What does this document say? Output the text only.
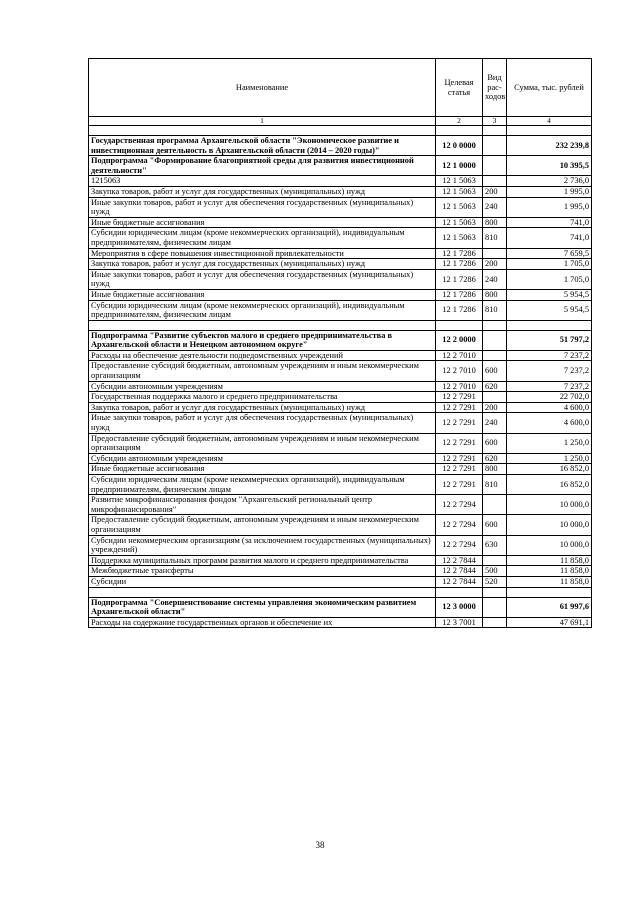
Наименование	Целевая статья	Вид рас-ходов	Сумма, тыс. рублей
1	2	3	4

Государственная программа Архангельской области "Экономическое развитие и инвестиционная деятельность в Архангельской области (2014 – 2020 годы)"	12 0 0000		232 239,8
Подпрограмма "Формирование благоприятной среды для развития инвестиционной деятельности"	12 1 0000		10 395,5
1215063	12 1 5063		2 736,0
Закупка товаров, работ и услуг для государственных (муниципальных) нужд	12 1 5063	200	1 995,0
Иные закупки товаров, работ и услуг для обеспечения государственных (муниципальных) нужд	12 1 5063	240	1 995,0
Иные бюджетные ассигнования	12 1 5063	800	741,0
Субсидии юридическим лицам (кроме некоммерческих организаций), индивидуальным предпринимателям, физическим лицам	12 1 5063	810	741,0
Мероприятия в сфере повышения инвестиционной привлекательности	12 1 7286		7 659,5
Закупка товаров, работ и услуг для государственных (муниципальных) нужд	12 1 7286	200	1 705,0
Иные закупки товаров, работ и услуг для обеспечения государственных (муниципальных) нужд	12 1 7286	240	1 705,0
Иные бюджетные ассигнования	12 1 7286	800	5 954,5
Субсидии юридическим лицам (кроме некоммерческих организаций), индивидуальным предпринимателям, физическим лицам	12 1 7286	810	5 954,5

Подпрограмма "Развитие субъектов малого и среднего предпринимательства в Архангельской области и Ненецком автономном округе"	12 2 0000		51 797,2
Расходы на обеспечение деятельности подведомственных учреждений	12 2 7010		7 237,2
Предоставление субсидий бюджетным, автономным учреждениям и иным некоммерческим организациям	12 2 7010	600	7 237,2
Субсидии автономным учреждениям	12 2 7010	620	7 237,2
Государственная поддержка малого и среднего предпринимательства	12 2 7291		22 702,0
Закупка товаров, работ и услуг для государственных (муниципальных) нужд	12 2 7291	200	4 600,0
Иные закупки товаров, работ и услуг для обеспечения государственных (муниципальных) нужд	12 2 7291	240	4 600,0
Предоставление субсидий бюджетным, автономным учреждениям и иным некоммерческим организациям	12 2 7291	600	1 250,0
Субсидии автономным учреждениям	12 2 7291	620	1 250,0
Иные бюджетные ассигнования	12 2 7291	800	16 852,0
Субсидии юридическим лицам (кроме некоммерческих организаций), индивидуальным предпринимателям, физическим лицам	12 2 7291	810	16 852,0
Развитие микрофинансирования фондом "Архангельский региональный центр микрофинансирования"	12 2 7294		10 000,0
Предоставление субсидий бюджетным, автономным учреждениям и иным некоммерческим организациям	12 2 7294	600	10 000,0
Субсидии некоммерческим организациям (за исключением государственных (муниципальных) учреждений)	12 2 7294	630	10 000,0
Поддержка муниципальных программ развития малого и среднего предпринимательства	12 2 7844		11 858,0
Межбюджетные трансферты	12 2 7844	500	11 858,0
Субсидии	12 2 7844	520	11 858,0

Подпрограмма "Совершенствование системы управления экономическим развитием Архангельской области"	12 3 0000		61 997,6
Расходы на содержание государственных органов и обеспечение их	12 3 7001		47 691,1
38
